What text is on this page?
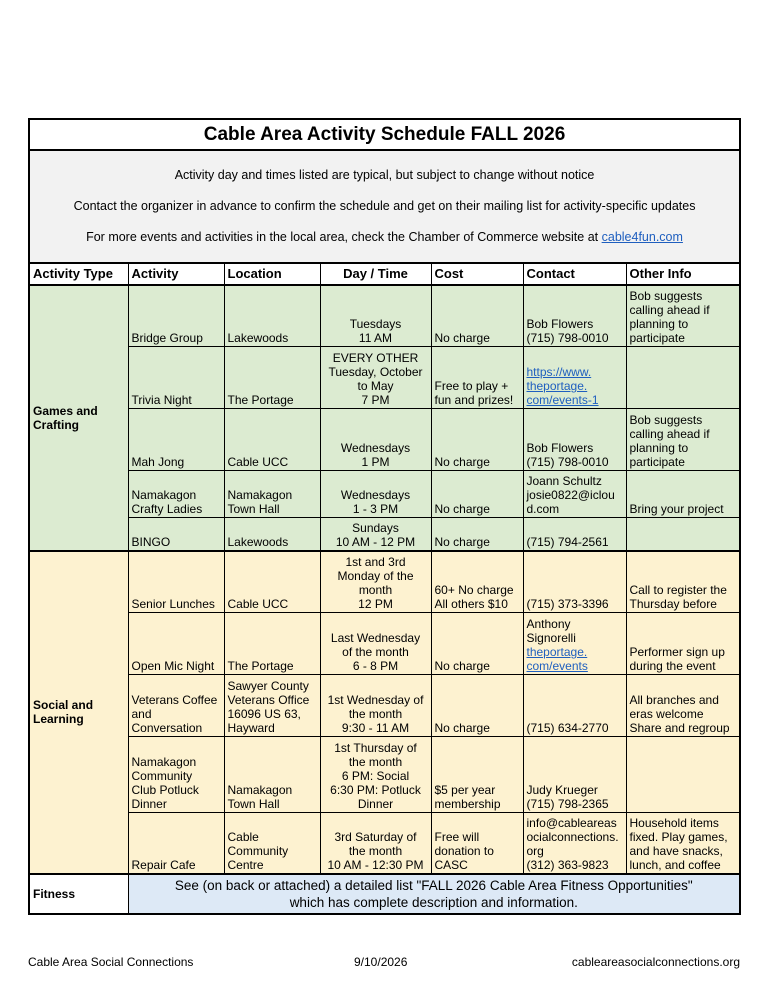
Cable Area Activity Schedule FALL 2026						

Activity day and times listed are typical, but subject to change without notice

Contact the organizer in advance to confirm the schedule and get on their mailing list for activity-specific updates

For more events and activities in the local area, check the Chamber of Commerce website at cable4fun.com						

Activity Type	Activity	Location	Day / Time	Cost	Contact	Other Info
Games and
Crafting	Bridge Group	Lakewoods	Tuesdays
11 AM	No charge	Bob Flowers
(715) 798-0010	Bob suggests
calling ahead if
planning to
participate
	Trivia Night	The Portage	EVERY OTHER
Tuesday, October
to May
7 PM	Free to play +
fun and prizes!	https://www.
theportage.
com/events-1	
	Mah Jong	Cable UCC	Wednesdays
1 PM	No charge	Bob Flowers
(715) 798-0010	Bob suggests
calling ahead if
planning to
participate
	Namakagon
Crafty Ladies	Namakagon
Town Hall	Wednesdays
1 - 3 PM	No charge	Joann Schultz
josie0822@iclou
d.com	Bring your project
	BINGO	Lakewoods	Sundays
10 AM - 12 PM	No charge	(715) 794-2561	
Social and
Learning	Senior Lunches	Cable UCC	1st and 3rd
Monday of the
month
12 PM	60+ No charge
All others $10	(715) 373-3396	Call to register the
Thursday before
	Open Mic Night	The Portage	Last Wednesday
of the month
6 - 8 PM	No charge	Anthony
Signorelli
theportage.
com/events	Performer sign up
during the event
	Veterans Coffee
and
Conversation	Sawyer County
Veterans Office
16096 US 63,
Hayward	1st Wednesday of
the month
9:30 - 11 AM	No charge	(715) 634-2770	All branches and
eras welcome
Share and regroup
	Namakagon
Community
Club Potluck
Dinner	Namakagon
Town Hall	1st Thursday of
the month
6 PM: Social
6:30 PM: Potluck
Dinner	$5 per year
membership	Judy Krueger
(715) 798-2365	
	Repair Cafe	Cable
Community
Centre	3rd Saturday of
the month
10 AM - 12:30 PM	Free will
donation to
CASC	info@cableareas
ocialconnections.
org
(312) 363-9823	Household items
fixed. Play games,
and have snacks,
lunch, and coffee
Fitness	See (on back or attached) a detailed list "FALL 2026 Cable Area Fitness Opportunities"
which has complete description and information.					
Cable Area Social Connections	9/10/2026	cableareasocialconnections.org
